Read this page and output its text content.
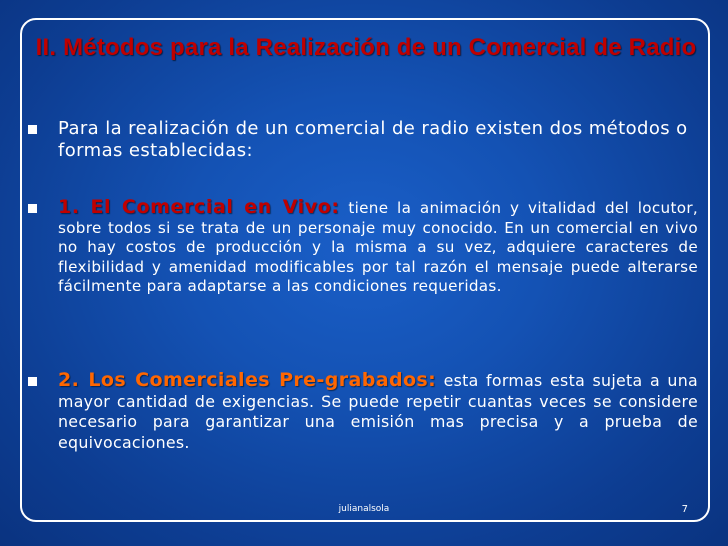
II. Métodos para la Realización de un Comercial de Radio
Para la realización de un comercial de radio existen dos métodos o formas establecidas:
1. El Comercial en Vivo: tiene la animación y vitalidad del locutor, sobre todos si se trata de un personaje muy conocido. En un comercial en vivo no hay costos de producción y la misma a su vez, adquiere caracteres de flexibilidad y amenidad modificables por tal razón el mensaje puede alterarse fácilmente para adaptarse a las condiciones requeridas.
2. Los Comerciales Pre-grabados: esta formas esta sujeta a una mayor cantidad de exigencias. Se puede repetir cuantas veces se considere necesario para garantizar una emisión mas precisa y a prueba de equivocaciones.
julianalsola	7
